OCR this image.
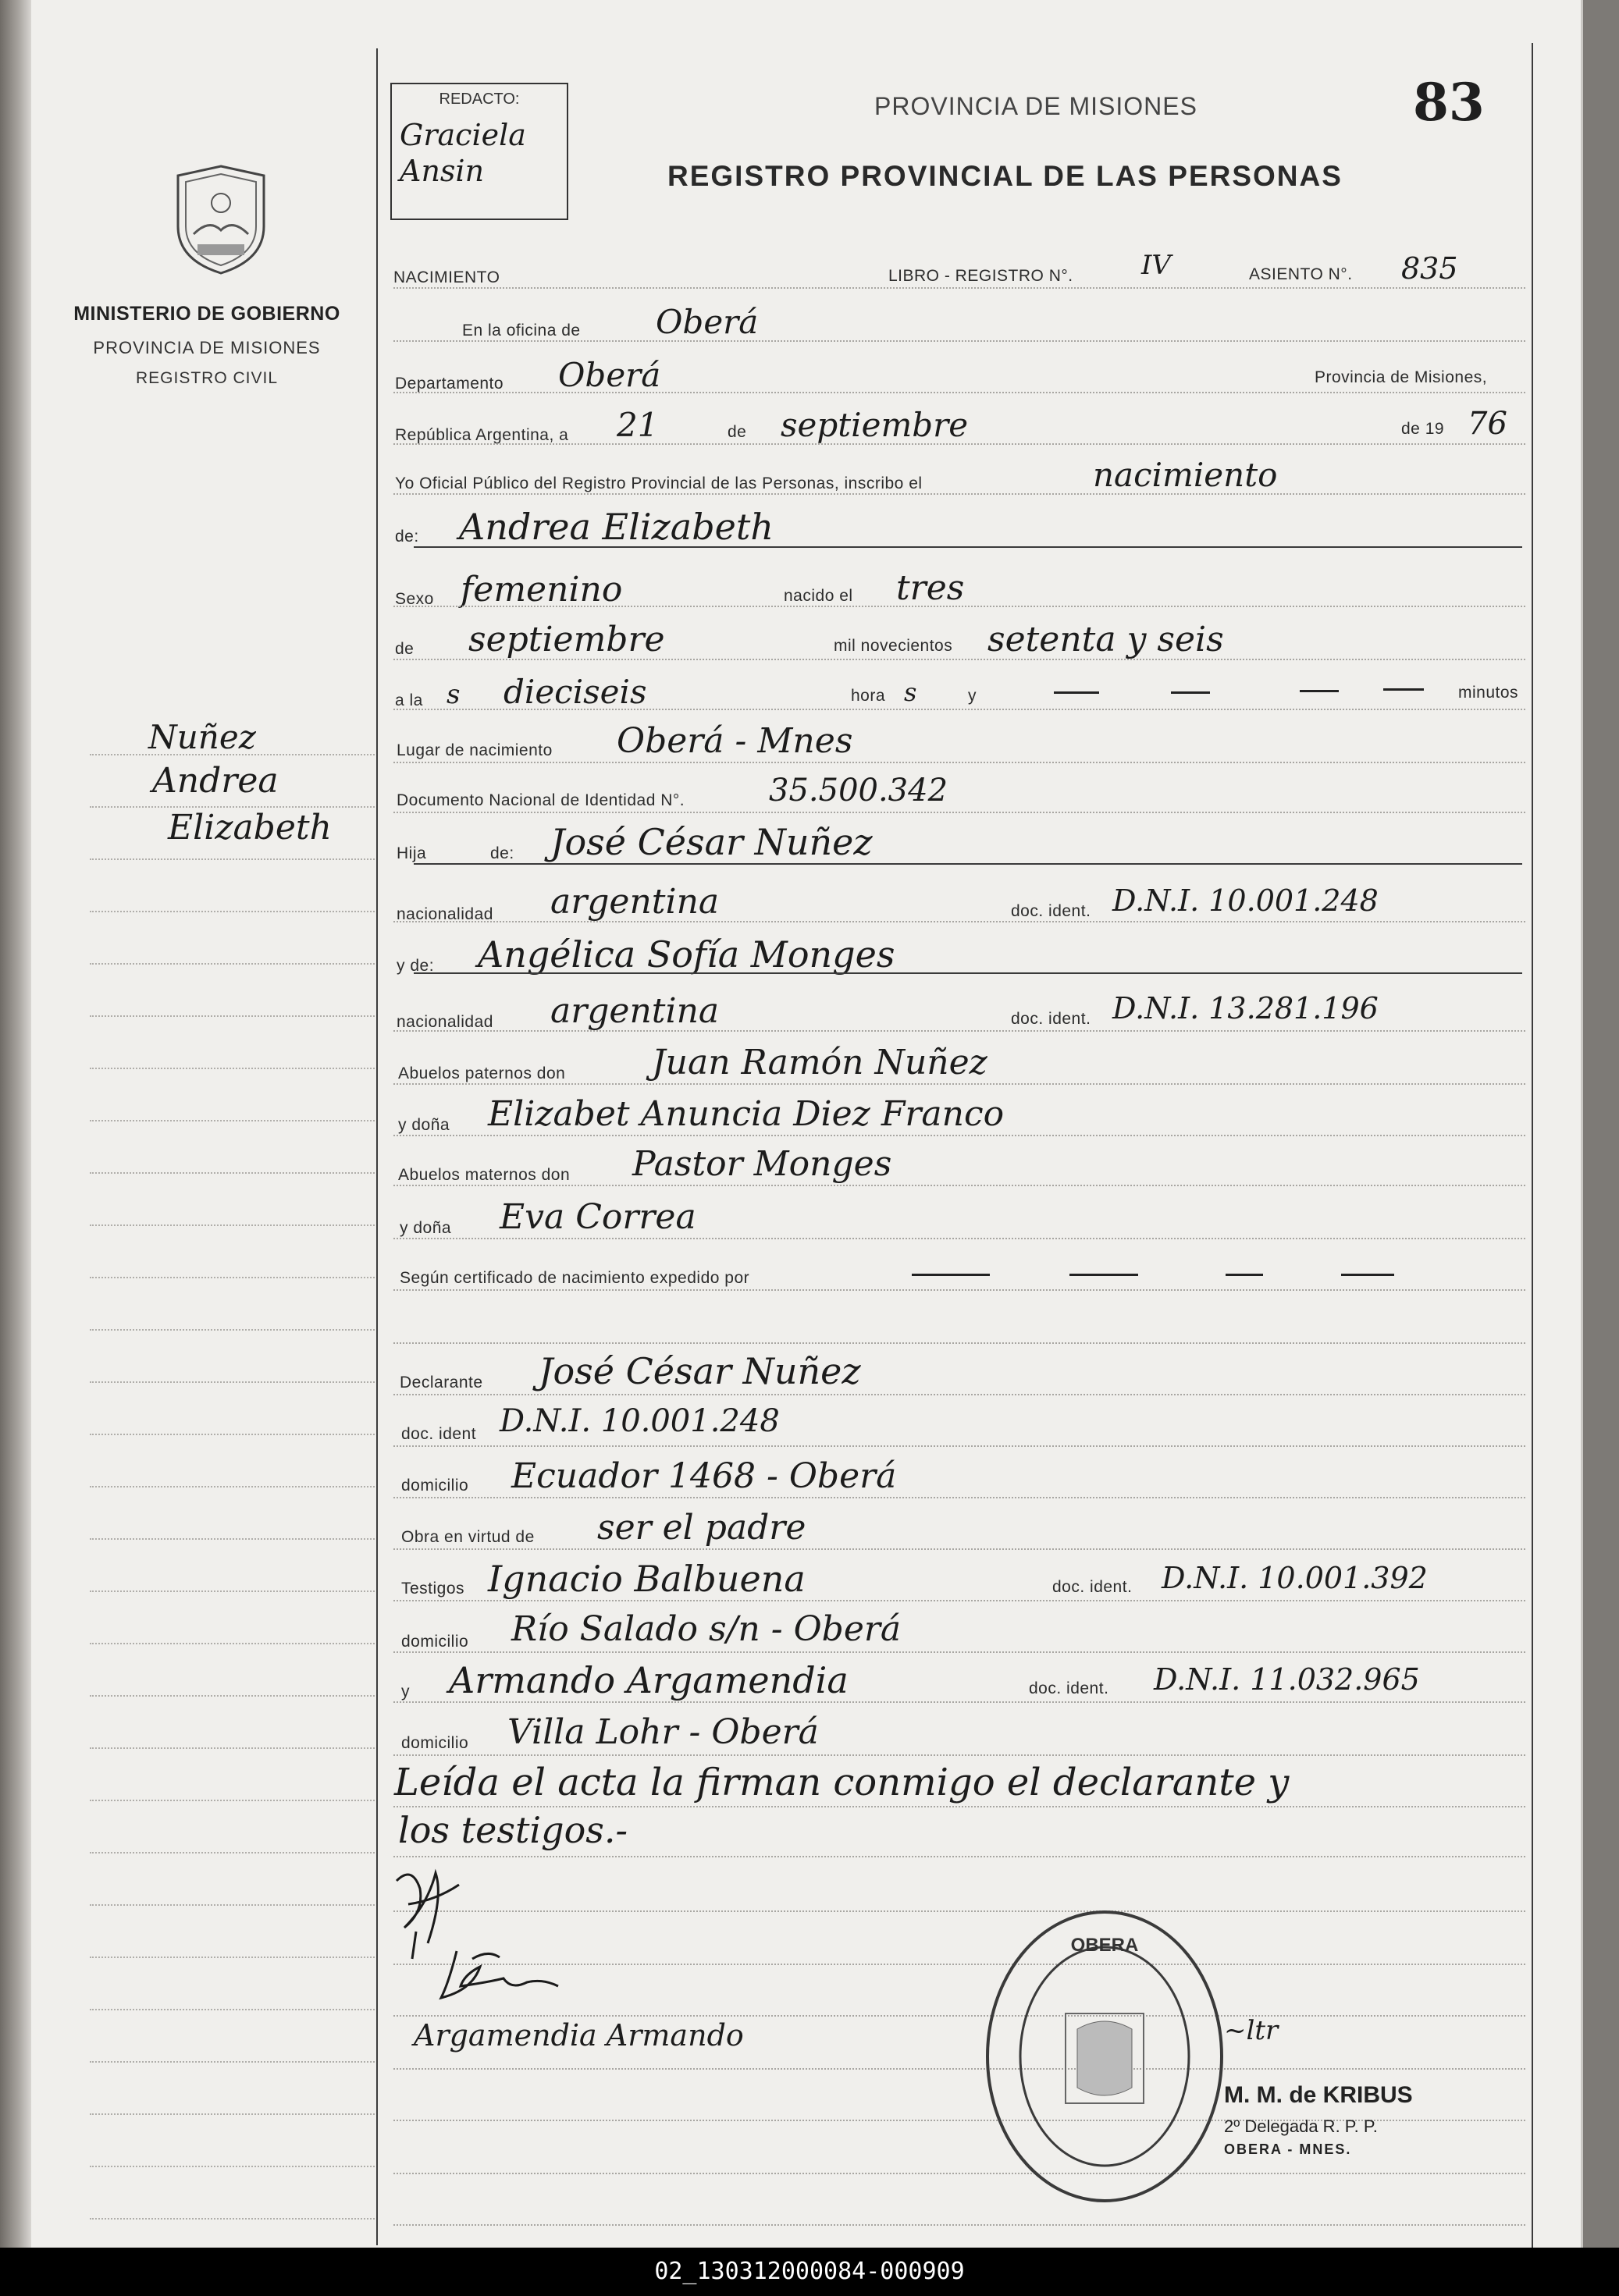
MINISTERIO DE GOBIERNO
PROVINCIA DE MISIONES
REGISTRO CIVIL
Nuñez
Andrea
Elizabeth
REDACTO:
Graciela Ansin
PROVINCIA DE MISIONES	83
REGISTRO PROVINCIAL DE LAS PERSONAS
NACIMIENTO	LIBRO - REGISTRO N°.	IV	ASIENTO N°. 835
En la oficina de Oberá
Departamento Oberá	Provincia de Misiones,
República Argentina, a 21	de septiembre	de 19 76
Yo Oficial Público del Registro Provincial de las Personas, inscribo el	nacimiento
de: Andrea Elizabeth
Sexo femenino	nacido el tres
de septiembre	mil novecientos setenta y seis
a la s dieciseis	hora s	y	minutos
Lugar de nacimiento Oberá - Mnes
Documento Nacional de Identidad N°.	35.500.342
Hija	de: José César Nuñez
nacionalidad argentina	doc. ident. D.N.I. 10.001.248
y de: Angélica Sofía Monges
nacionalidad argentina	doc. ident. D.N.I. 13.281.196
Abuelos paternos don	Juan Ramón Nuñez
y doña Elizabet Anuncia Diez Franco
Abuelos maternos don Pastor Monges
y doña Eva Correa
Según certificado de nacimiento expedido por
Declarante José César Nuñez
doc. ident D.N.I. 10.001.248
domicilio Ecuador 1468 - Oberá
Obra en virtud de ser el padre
Testigos Ignacio Balbuena	doc. ident. D.N.I. 10.001.392
domicilio Río Salado s/n - Oberá
y Armando Argamendia	doc. ident. D.N.I. 11.032.965
domicilio Villa Lohr - Oberá
Leída el acta la firman conmigo el declarante y
los testigos.-
Argamendia Armando
OBERA
~ltr
M. M. de KRIBUS
2º Delegada R. P. P.
OBERA - MNES.
02_130312000084-000909
